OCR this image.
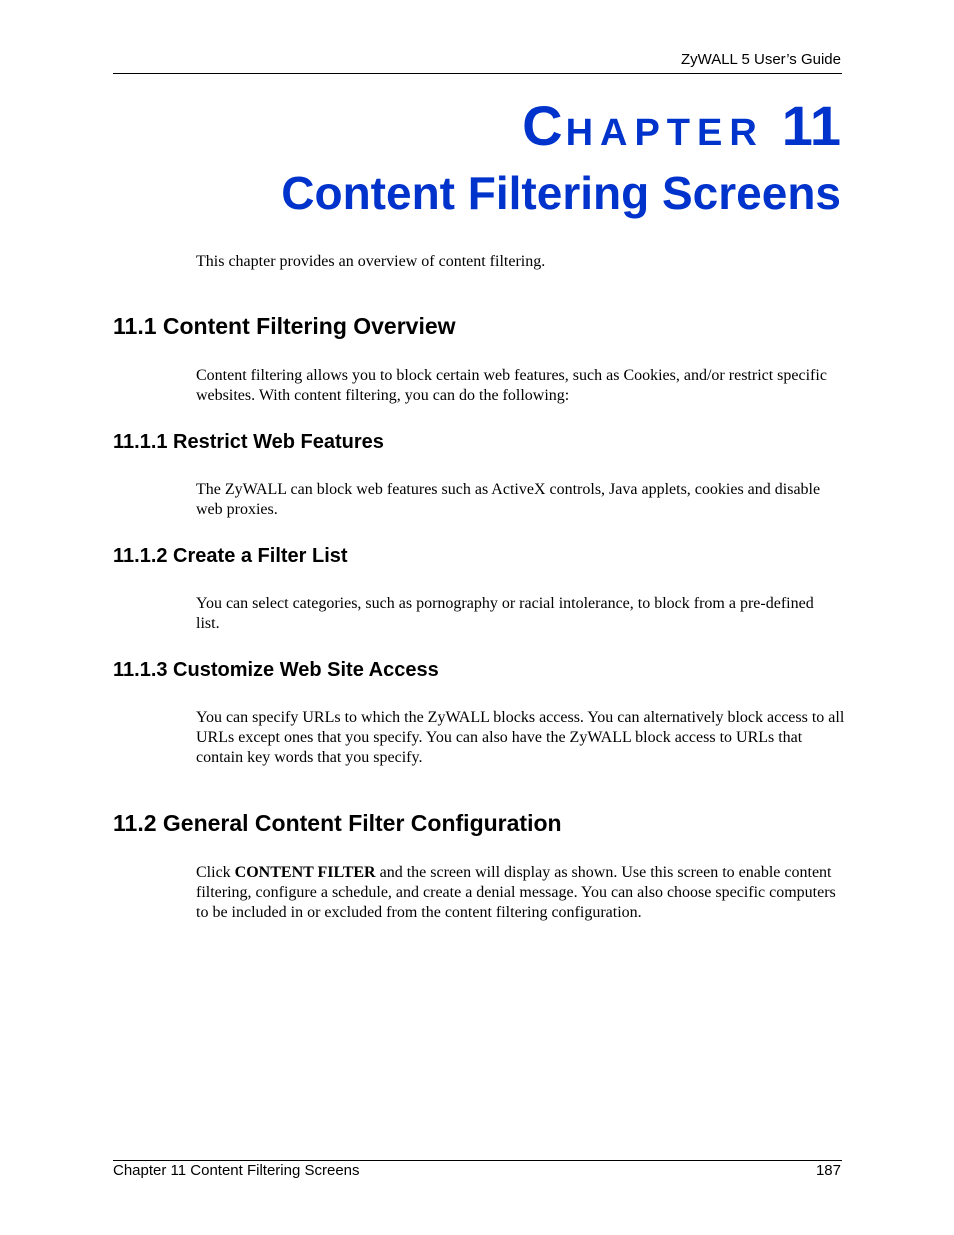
ZyWALL 5 User’s Guide
CHAPTER 11
Content Filtering Screens
This chapter provides an overview of content filtering.
11.1 Content Filtering Overview
Content filtering allows you to block certain web features, such as Cookies, and/or restrict specific websites. With content filtering, you can do the following:
11.1.1 Restrict Web Features
The ZyWALL can block web features such as ActiveX controls, Java applets, cookies and disable web proxies.
11.1.2 Create a Filter List
You can select categories, such as pornography or racial intolerance, to block from a pre-defined list.
11.1.3 Customize Web Site Access
You can specify URLs to which the ZyWALL blocks access. You can alternatively block access to all URLs except ones that you specify. You can also have the ZyWALL block access to URLs that contain key words that you specify.
11.2 General Content Filter Configuration
Click CONTENT FILTER and the screen will display as shown. Use this screen to enable content filtering, configure a schedule, and create a denial message. You can also choose specific computers to be included in or excluded from the content filtering configuration.
Chapter 11 Content Filtering Screens	187
